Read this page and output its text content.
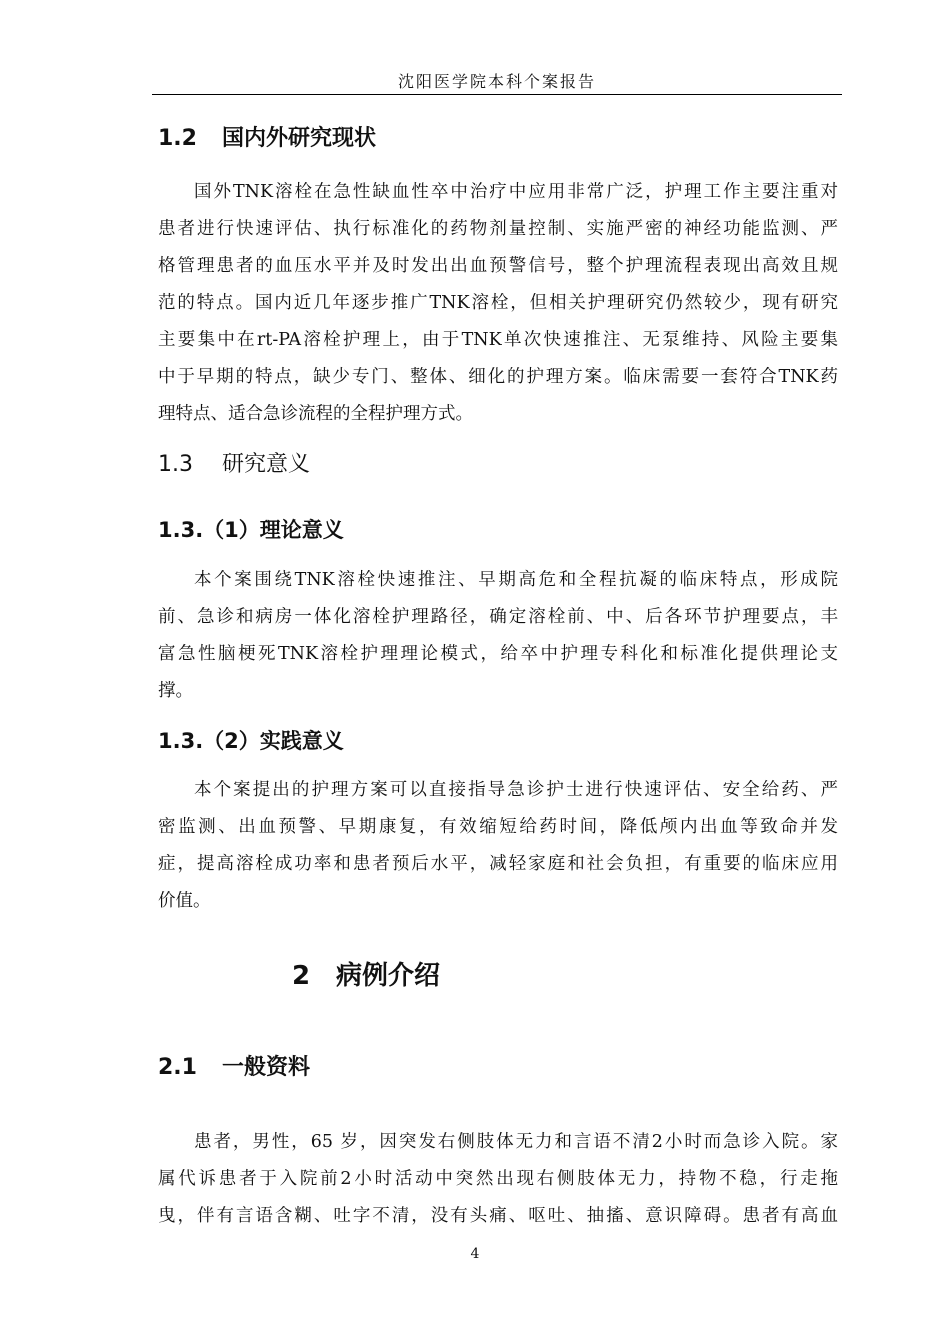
沈阳医学院本科个案报告
1.2 国内外研究现状
国外TNK溶栓在急性缺血性卒中治疗中应用非常广泛，护理工作主要注重对
患者进行快速评估、执行标准化的药物剂量控制、实施严密的神经功能监测、严
格管理患者的血压水平并及时发出出血预警信号，整个护理流程表现出高效且规
范的特点。国内近几年逐步推广TNK溶栓，但相关护理研究仍然较少，现有研究
主要集中在rt-PA溶栓护理上，由于TNK单次快速推注、无泵维持、风险主要集
中于早期的特点，缺少专门、整体、细化的护理方案。临床需要一套符合TNK药
理特点、适合急诊流程的全程护理方式。
1.3 研究意义
1.3.（1）理论意义
本个案围绕TNK溶栓快速推注、早期高危和全程抗凝的临床特点，形成院
前、急诊和病房一体化溶栓护理路径，确定溶栓前、中、后各环节护理要点，丰
富急性脑梗死TNK溶栓护理理论模式，给卒中护理专科化和标准化提供理论支
撑。
1.3.（2）实践意义
本个案提出的护理方案可以直接指导急诊护士进行快速评估、安全给药、严
密监测、出血预警、早期康复，有效缩短给药时间，降低颅内出血等致命并发
症，提高溶栓成功率和患者预后水平，减轻家庭和社会负担，有重要的临床应用
价值。
2 病例介绍
2.1 一般资料
患者，男性，65 岁，因突发右侧肢体无力和言语不清2小时而急诊入院。家
属代诉患者于入院前2小时活动中突然出现右侧肢体无力，持物不稳，行走拖
曳，伴有言语含糊、吐字不清，没有头痛、呕吐、抽搐、意识障碍。患者有高血
4
